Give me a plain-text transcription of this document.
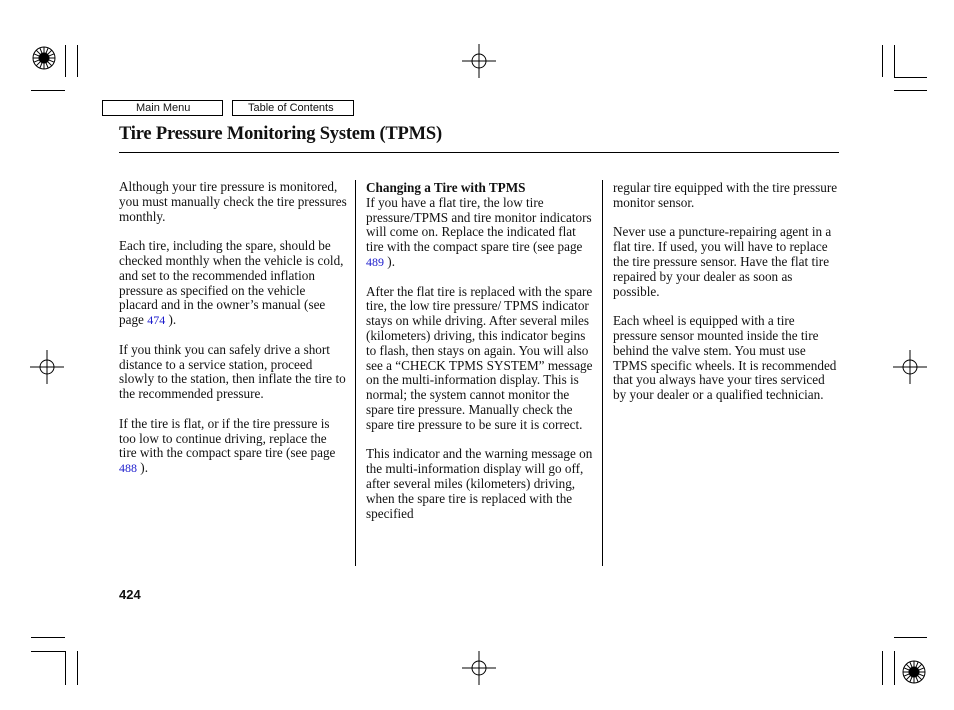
Main Menu	Table of Contents
Tire Pressure Monitoring System (TPMS)

Although your tire pressure is monitored, you must manually check the tire pressures monthly.

Each tire, including the spare, should be checked monthly when the vehicle is cold, and set to the recommended inflation pressure as specified on the vehicle placard and in the owner’s manual (see page 474 ).

If you think you can safely drive a short distance to a service station, proceed slowly to the station, then inflate the tire to the recommended pressure.

If the tire is flat, or if the tire pressure is too low to continue driving, replace the tire with the compact spare tire (see page 488 ).

Changing a Tire with TPMS

If you have a flat tire, the low tire pressure/TPMS and tire monitor indicators will come on. Replace the indicated flat tire with the compact spare tire (see page 489 ).

After the flat tire is replaced with the spare tire, the low tire pressure/ TPMS indicator stays on while driving. After several miles (kilometers) driving, this indicator begins to flash, then stays on again. You will also see a “CHECK TPMS SYSTEM” message on the multi-information display. This is normal; the system cannot monitor the spare tire pressure. Manually check the spare tire pressure to be sure it is correct.

This indicator and the warning message on the multi-information display will go off, after several miles (kilometers) driving, when the spare tire is replaced with the specified

regular tire equipped with the tire pressure monitor sensor.

Never use a puncture-repairing agent in a flat tire. If used, you will have to replace the tire pressure sensor. Have the flat tire repaired by your dealer as soon as possible.

Each wheel is equipped with a tire pressure sensor mounted inside the tire behind the valve stem. You must use TPMS specific wheels. It is recommended that you always have your tires serviced by your dealer or a qualified technician.

424
